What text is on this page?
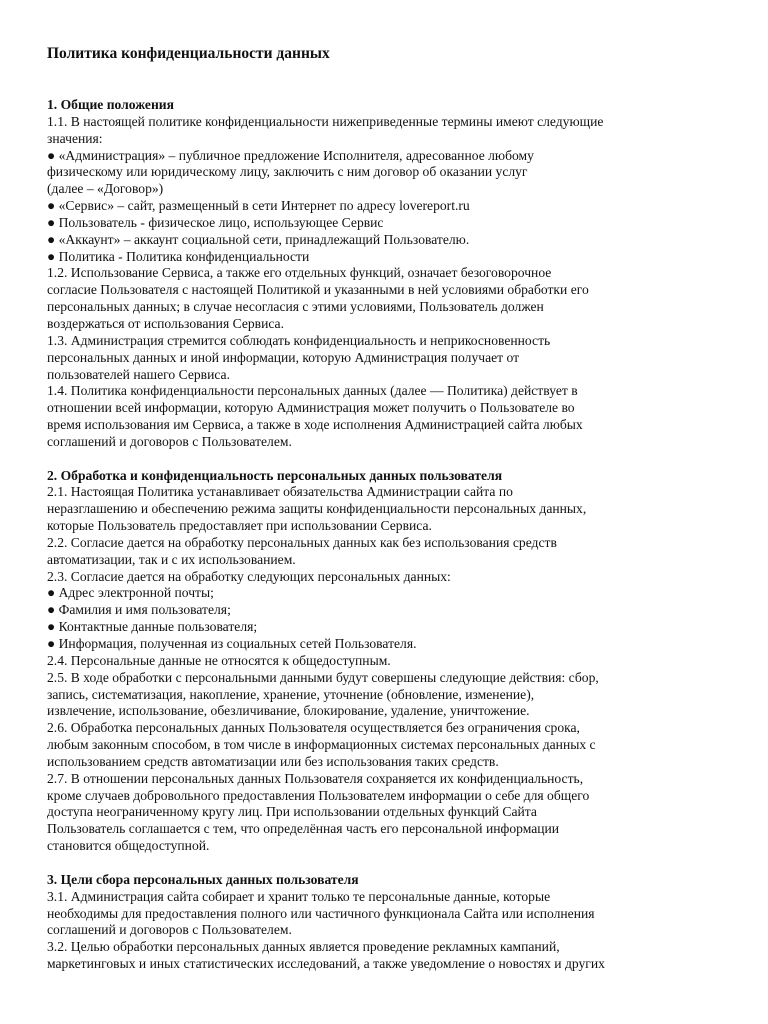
Политика конфиденциальности данных
1. Общие положения
1.1. В настоящей политике конфиденциальности нижеприведенные термины имеют следующие
значения:
● «Администрация» – публичное предложение Исполнителя, адресованное любому
физическому или юридическому лицу, заключить с ним договор об оказании услуг
(далее – «Договор»)
● «Сервис» – сайт, размещенный в сети Интернет по адресу lovereport.ru
● Пользователь - физическое лицо, использующее Сервис
● «Аккаунт» – аккаунт социальной сети, принадлежащий Пользователю.
● Политика - Политика конфиденциальности
1.2. Использование Сервиса, а также его отдельных функций, означает безоговорочное
согласие Пользователя с настоящей Политикой и указанными в ней условиями обработки его
персональных данных; в случае несогласия с этими условиями, Пользователь должен
воздержаться от использования Сервиса.
1.3. Администрация стремится соблюдать конфиденциальность и неприкосновенность
персональных данных и иной информации, которую Администрация получает от
пользователей нашего Сервиса.
1.4. Политика конфиденциальности персональных данных (далее — Политика) действует в
отношении всей информации, которую Администрация может получить о Пользователе во
время использования им Сервиса, а также в ходе исполнения Администрацией сайта любых
соглашений и договоров с Пользователем.
2. Обработка и конфиденциальность персональных данных пользователя
2.1. Настоящая Политика устанавливает обязательства Администрации сайта по
неразглашению и обеспечению режима защиты конфиденциальности персональных данных,
которые Пользователь предоставляет при использовании Сервиса.
2.2. Согласие дается на обработку персональных данных как без использования средств
автоматизации, так и с их использованием.
2.3. Согласие дается на обработку следующих персональных данных:
● Адрес электронной почты;
● Фамилия и имя пользователя;
● Контактные данные пользователя;
● Информация, полученная из социальных сетей Пользователя.
2.4. Персональные данные не относятся к общедоступным.
2.5. В ходе обработки с персональными данными будут совершены следующие действия: сбор,
запись, систематизация, накопление, хранение, уточнение (обновление, изменение),
извлечение, использование, обезличивание, блокирование, удаление, уничтожение.
2.6. Обработка персональных данных Пользователя осуществляется без ограничения срока,
любым законным способом, в том числе в информационных системах персональных данных с
использованием средств автоматизации или без использования таких средств.
2.7. В отношении персональных данных Пользователя сохраняется их конфиденциальность,
кроме случаев добровольного предоставления Пользователем информации о себе для общего
доступа неограниченному кругу лиц. При использовании отдельных функций Сайта
Пользователь соглашается с тем, что определённая часть его персональной информации
становится общедоступной.
3. Цели сбора персональных данных пользователя
3.1. Администрация сайта собирает и хранит только те персональные данные, которые
необходимы для предоставления полного или частичного функционала Сайта или исполнения
соглашений и договоров с Пользователем.
3.2. Целью обработки персональных данных является проведение рекламных кампаний,
маркетинговых и иных статистических исследований, а также уведомление о новостях и других
